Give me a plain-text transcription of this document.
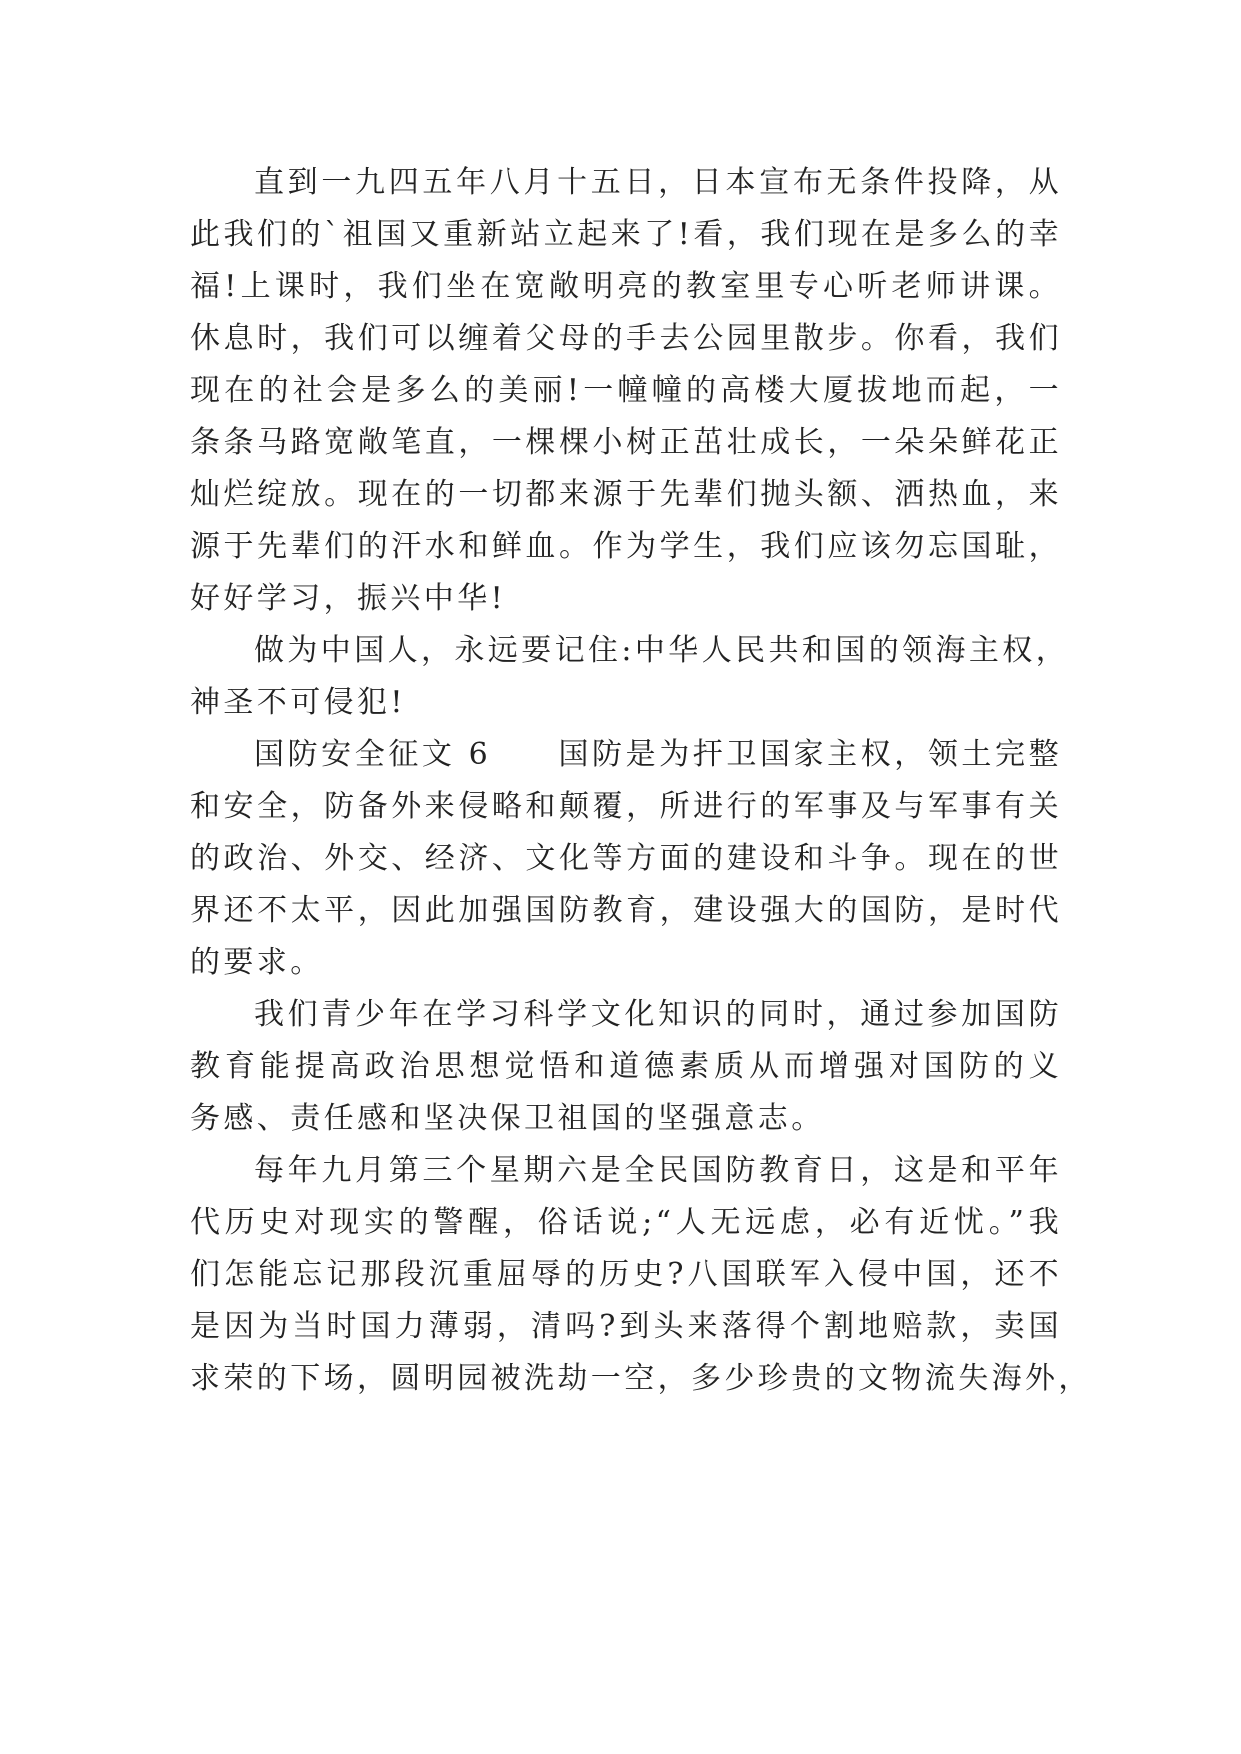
直到一九四五年八月十五日，日本宣布无条件投降，从
此我们的`祖国又重新站立起来了!看，我们现在是多么的幸
福!上课时，我们坐在宽敞明亮的教室里专心听老师讲课。
休息时，我们可以缠着父母的手去公园里散步。你看，我们
现在的社会是多么的美丽!一幢幢的高楼大厦拔地而起，一
条条马路宽敞笔直，一棵棵小树正茁壮成长，一朵朵鲜花正
灿烂绽放。现在的一切都来源于先辈们抛头额、洒热血，来
源于先辈们的汗水和鲜血。作为学生，我们应该勿忘国耻，
好好学习，振兴中华!
做为中国人，永远要记住:中华人民共和国的领海主权，
神圣不可侵犯!
国防安全征文 6　　国防是为扞卫国家主权，领土完整
和安全，防备外来侵略和颠覆，所进行的军事及与军事有关
的政治、外交、经济、文化等方面的建设和斗争。现在的世
界还不太平，因此加强国防教育，建设强大的国防，是时代
的要求。
我们青少年在学习科学文化知识的同时，通过参加国防
教育能提高政治思想觉悟和道德素质从而增强对国防的义
务感、责任感和坚决保卫祖国的坚强意志。
每年九月第三个星期六是全民国防教育日，这是和平年
代历史对现实的警醒，俗话说;“人无远虑，必有近忧。”我
们怎能忘记那段沉重屈辱的历史?八国联军入侵中国，还不
是因为当时国力薄弱，清吗?到头来落得个割地赔款，卖国
求荣的下场，圆明园被洗劫一空，多少珍贵的文物流失海外，
